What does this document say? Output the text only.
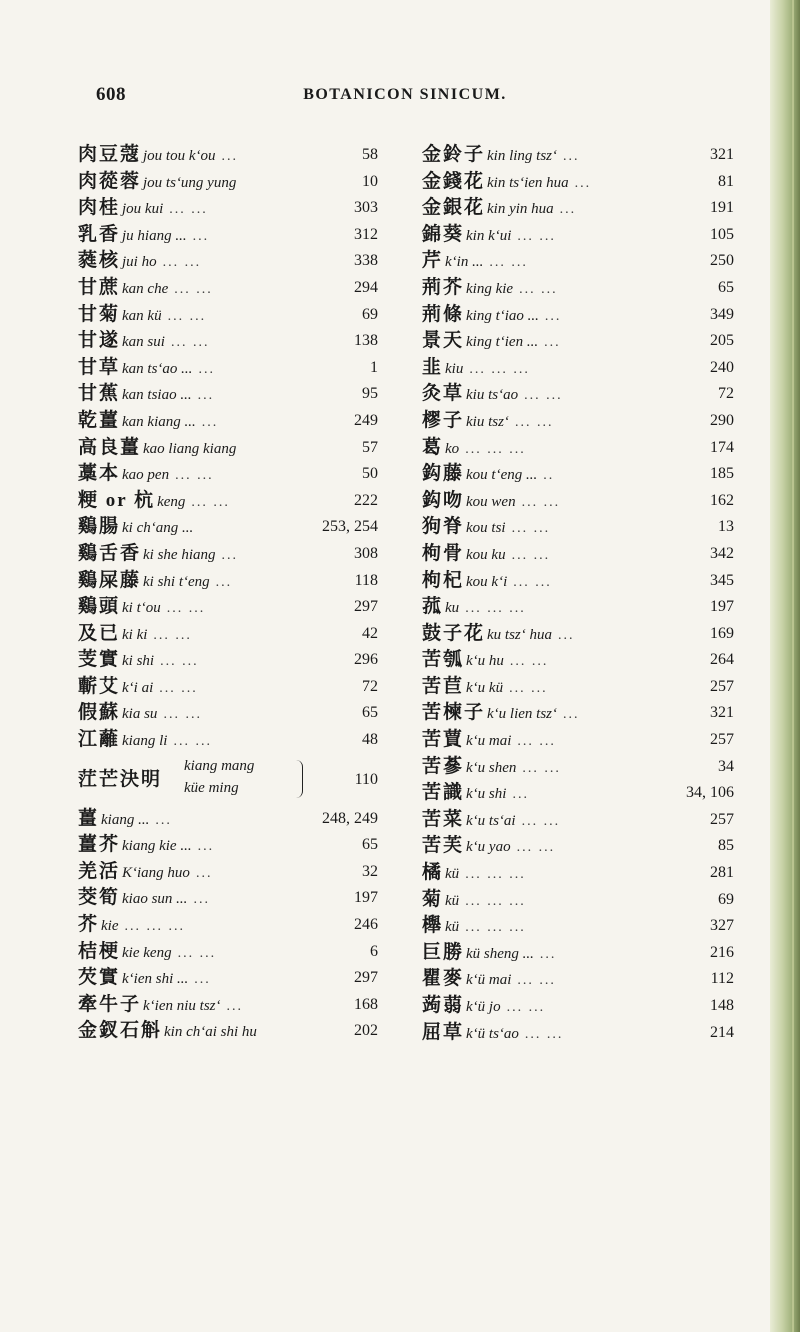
608	BOTANICON SINICUM.
肉豆蔻 jou tou k‘ou ...	58
肉蓯蓉 jou ts‘ung yung	10
肉桂 jou kui ... ...	303
乳香 ju hiang ... ...	312
蕤核 jui ho ... ...	338
甘蔗 kan che ... ...	294
甘菊 kan kü ... ...	69
甘遂 kan sui ... ...	138
甘草 kan ts‘ao ... ...	1
甘蕉 kan tsiao ... ...	95
乾薑 kan kiang ... ...	249
高良薑 kao liang kiang	57
藁本 kao pen ... ...	50
粳 or 杭 keng ... ...	222
鷄腸 ki ch‘ang ...	253, 254
鷄舌香 ki she hiang ...	308
鷄屎藤 ki shi t‘eng ...	118
鷄頭 ki t‘ou ... ...	297
及已 ki ki ... ...	42
芰實 ki shi ... ...	296
蘄艾 k‘i ai ... ...	72
假蘇 kia su ... ...	65
江蘺 kiang li ... ...	48
茳芒決明
kiang mang
küe ming	110
薑 kiang ... ...	248, 249
薑芥 kiang kie ... ...	65
羌活 K‘iang huo ...	32
茭筍 kiao sun ... ...	197
芥 kie ... ... ...	246
桔梗 kie keng ... ...	6
芡實 k‘ien shi ... ...	297
牽牛子 k‘ien niu tsz‘ ...	168
金釵石斛 kin ch‘ai shi hu	202
金鈴子 kin ling tsz‘ ...	321
金錢花 kin ts‘ien hua ...	81
金銀花 kin yin hua ...	191
錦葵 kin k‘ui ... ...	105
芹 k‘in ... ... ...	250
荊芥 king kie ... ...	65
荊條 king t‘iao ... ...	349
景天 king t‘ien ... ...	205
韭 kiu ... ... ...	240
灸草 kiu ts‘ao ... ...	72
樛子 kiu tsz‘ ... ...	290
葛 ko ... ... ...	174
鈎藤 kou t‘eng ... ..	185
鈎吻 kou wen ... ...	162
狗脊 kou tsi ... ...	13
枸骨 kou ku ... ...	342
枸杞 kou k‘i ... ...	345
菰 ku ... ... ...	197
鼓子花 ku tsz‘ hua ...	169
苦瓠 k‘u hu ... ...	264
苦苣 k‘u kü ... ...	257
苦楝子 k‘u lien tsz‘ ...	321
苦蕒 k‘u mai ... ...	257
苦蔘 k‘u shen ... ...	34
苦識 k‘u shi ...	34, 106
苦菜 k‘u ts‘ai ... ...	257
苦芙 k‘u yao ... ...	85
橘 kü ... ... ...	281
菊 kü ... ... ...	69
櫸 kü ... ... ...	327
巨勝 kü sheng ... ...	216
瞿麥 k‘ü mai ... ...	112
蒟蒻 k‘ü jo ... ...	148
屈草 k‘ü ts‘ao ... ...	214
